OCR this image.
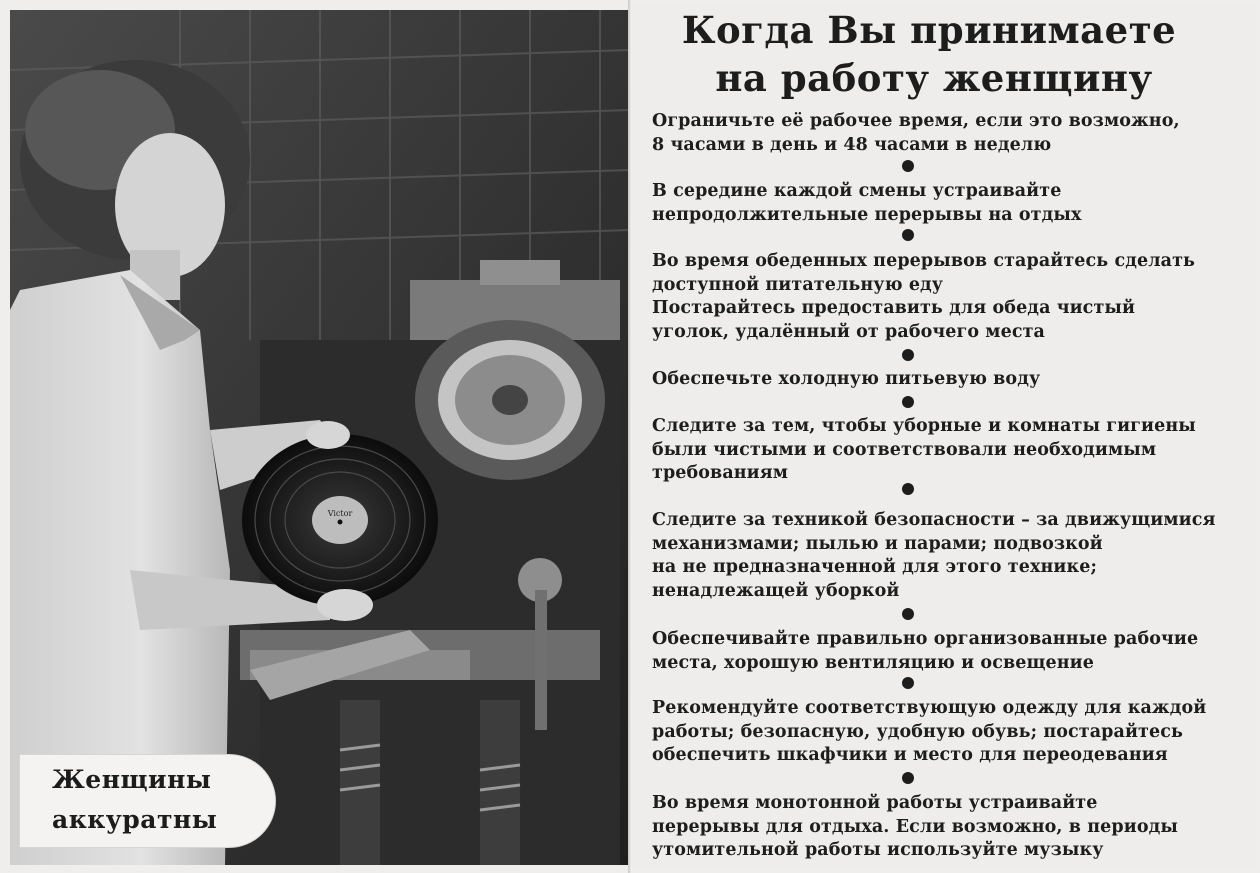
Victor
Женщины
аккуратны
Когда Вы принимаете
на работу женщину
Ограничьте её рабочее время, если это возможно,
8 часами в день и 48 часами в неделю
В середине каждой смены устраивайте
непродолжительные перерывы на отдых
Во время обеденных перерывов старайтесь сделать
доступной питательную еду
Постарайтесь предоставить для обеда чистый
уголок, удалённый от рабочего места
Обеспечьте холодную питьевую воду
Следите за тем, чтобы уборные и комнаты гигиены
были чистыми и соответствовали необходимым
требованиям
Следите за техникой безопасности – за движущимися
механизмами; пылью и парами; подвозкой
на не предназначенной для этого технике;
ненадлежащей уборкой
Обеспечивайте правильно организованные рабочие
места, хорошую вентиляцию и освещение
Рекомендуйте соответствующую одежду для каждой
работы; безопасную, удобную обувь; постарайтесь
обеспечить шкафчики и место для переодевания
Во время монотонной работы устраивайте
перерывы для отдыха. Если возможно, в периоды
утомительной работы используйте музыку
